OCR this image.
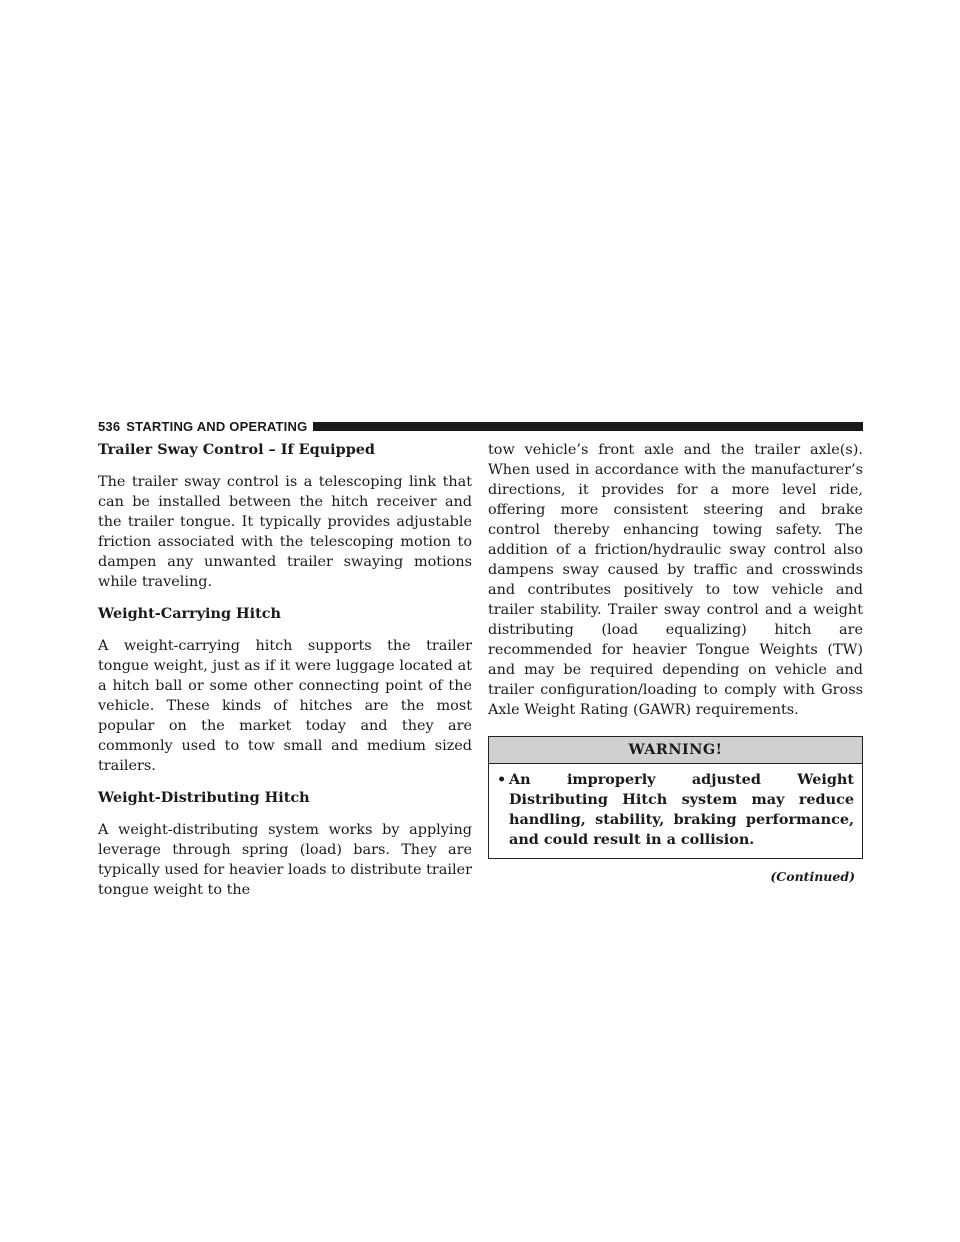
536 STARTING AND OPERATING
Trailer Sway Control – If Equipped

The trailer sway control is a telescoping link that can be installed between the hitch receiver and the trailer tongue. It typically provides adjustable friction associated with the telescoping motion to dampen any unwanted trailer swaying motions while traveling.

Weight-Carrying Hitch

A weight-carrying hitch supports the trailer tongue weight, just as if it were luggage located at a hitch ball or some other connecting point of the vehicle. These kinds of hitches are the most popular on the market today and they are commonly used to tow small and medium sized trailers.

Weight-Distributing Hitch

A weight-distributing system works by applying leverage through spring (load) bars. They are typically used for heavier loads to distribute trailer tongue weight to the

tow vehicle’s front axle and the trailer axle(s). When used in accordance with the manufacturer’s directions, it provides for a more level ride, offering more consistent steering and brake control thereby enhancing towing safety. The addition of a friction/hydraulic sway control also dampens sway caused by traffic and crosswinds and contributes positively to tow vehicle and trailer stability. Trailer sway control and a weight distributing (load equalizing) hitch are recommended for heavier Tongue Weights (TW) and may be required depending on vehicle and trailer configuration/loading to comply with Gross Axle Weight Rating (GAWR) requirements.

WARNING!
• An improperly adjusted Weight Distributing Hitch system may reduce handling, stability, braking performance, and could result in a collision.
(Continued)
